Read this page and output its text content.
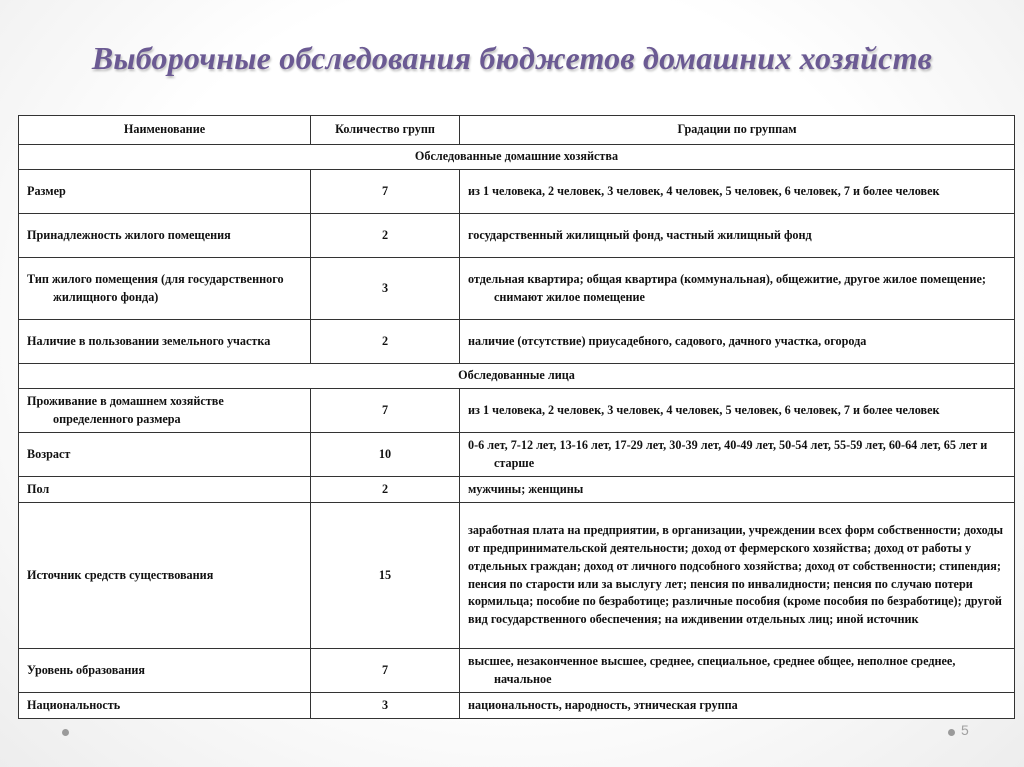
Выборочные обследования бюджетов домашних хозяйств
Наименование	Количество групп	Градации по группам
Обследованные домашние хозяйства		

Размер	7	из 1 человека, 2 человек, 3 человек, 4 человек, 5 человек, 6 человек, 7 и более человек

Принадлежность жилого помещения	2	государственный жилищный фонд, частный жилищный фонд

Тип жилого помещения (для государственного жилищного фонда)	3	отдельная квартира; общая квартира (коммунальная), общежитие, другое жилое помещение; снимают жилое помещение

Наличие в пользовании земельного участка	2	наличие (отсутствие) приусадебного, садового, дачного участка, огорода

Обследованные лица		

Проживание в домашнем хозяйстве определенного размера	7	из 1 человека, 2 человек, 3 человек, 4 человек, 5 человек, 6 человек, 7 и более человек

Возраст	10	0-6 лет, 7-12 лет, 13-16 лет, 17-29 лет, 30-39 лет, 40-49 лет, 50-54 лет, 55-59 лет, 60-64 лет, 65 лет и старше

Пол	2	мужчины; женщины

Источник средств существования	15	заработная плата на предприятии, в организации, учреждении всех форм собственности; доходы от предпринимательской деятельности; доход от фермерского хозяйства; доход от работы у отдельных граждан; доход от личного подсобного хозяйства; доход от собственности; стипендия; пенсия по старости или за выслугу лет; пенсия по инвалидности; пенсия по случаю потери кормильца; пособие по безработице; различные пособия (кроме пособия по безработице); другой вид государственного обеспечения; на иждивении отдельных лиц; иной источник

Уровень образования	7	высшее, незаконченное высшее, среднее, специальное, среднее общее, неполное среднее, начальное

Национальность	3	национальность, народность, этническая группа
5
